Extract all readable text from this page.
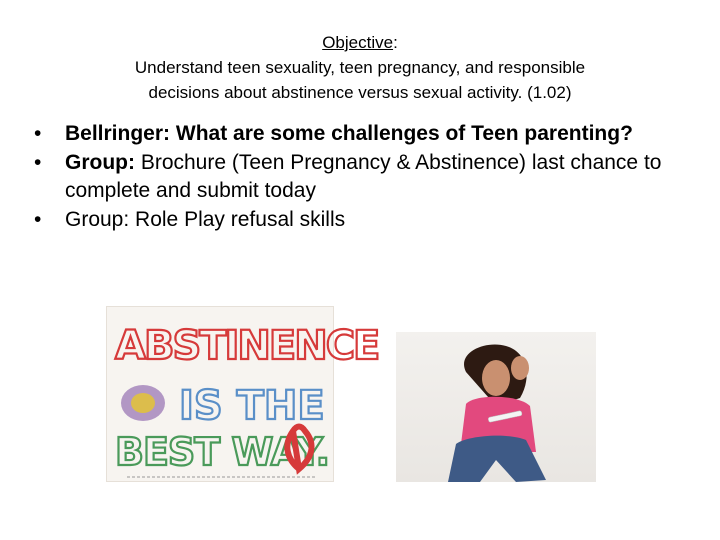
Objective:
Understand teen sexuality, teen pregnancy, and responsible
decisions about abstinence versus sexual activity. (1.02)
• Bellringer: What are some challenges of Teen parenting?
• Group: Brochure (Teen Pregnancy & Abstinence) last chance to complete and submit today
• Group: Role Play refusal skills
ABSTINENCE
IS THE
BEST WAY.
